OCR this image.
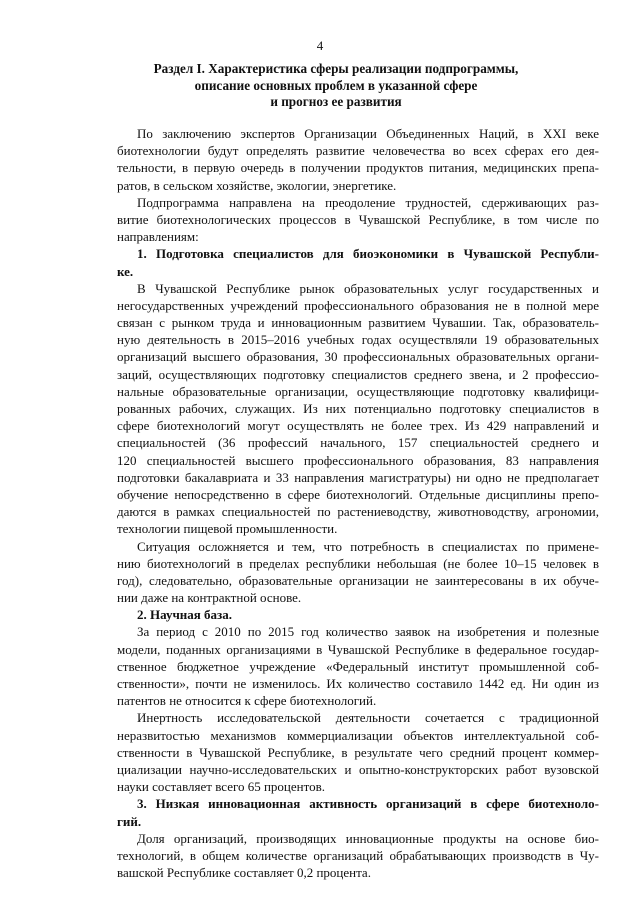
4
Раздел I. Характеристика сферы реализации подпрограммы,
описание основных проблем в указанной сфере
и прогноз ее развития
По заключению экспертов Организации Объединенных Наций, в XXI веке
биотехнологии будут определять развитие человечества во всех сферах его дея-
тельности, в первую очередь в получении продуктов питания, медицинских препа-
ратов, в сельском хозяйстве, экологии, энергетике.
Подпрограмма направлена на преодоление трудностей, сдерживающих раз-
витие биотехнологических процессов в Чувашской Республике, в том числе по
направлениям:
1. Подготовка специалистов для биоэкономики в Чувашской Республи-
ке.
В Чувашской Республике рынок образовательных услуг государственных и
негосударственных учреждений профессионального образования не в полной мере
связан с рынком труда и инновационным развитием Чувашии. Так, образователь-
ную деятельность в 2015–2016 учебных годах осуществляли 19 образовательных
организаций высшего образования, 30 профессиональных образовательных органи-
заций, осуществляющих подготовку специалистов среднего звена, и 2 профессио-
нальные образовательные организации, осуществляющие подготовку квалифици-
рованных рабочих, служащих. Из них потенциально подготовку специалистов в
сфере биотехнологий могут осуществлять не более трех. Из 429 направлений и
специальностей (36 профессий начального, 157 специальностей среднего и
120 специальностей высшего профессионального образования, 83 направления
подготовки бакалавриата и 33 направления магистратуры) ни одно не предполагает
обучение непосредственно в сфере биотехнологий. Отдельные дисциплины препо-
даются в рамках специальностей по растениеводству, животноводству, агрономии,
технологии пищевой промышленности.
Ситуация осложняется и тем, что потребность в специалистах по примене-
нию биотехнологий в пределах республики небольшая (не более 10–15 человек в
год), следовательно, образовательные организации не заинтересованы в их обуче-
нии даже на контрактной основе.
2. Научная база.
За период с 2010 по 2015 год количество заявок на изобретения и полезные
модели, поданных организациями в Чувашской Республике в федеральное государ-
ственное бюджетное учреждение «Федеральный институт промышленной соб-
ственности», почти не изменилось. Их количество составило 1442 ед. Ни один из
патентов не относится к сфере биотехнологий.
Инертность исследовательской деятельности сочетается с традиционной
неразвитостью механизмов коммерциализации объектов интеллектуальной соб-
ственности в Чувашской Республике, в результате чего средний процент коммер-
циализации научно-исследовательских и опытно-конструкторских работ вузовской
науки составляет всего 65 процентов.
3. Низкая инновационная активность организаций в сфере биотехноло-
гий.
Доля организаций, производящих инновационные продукты на основе био-
технологий, в общем количестве организаций обрабатывающих производств в Чу-
вашской Республике составляет 0,2 процента.
